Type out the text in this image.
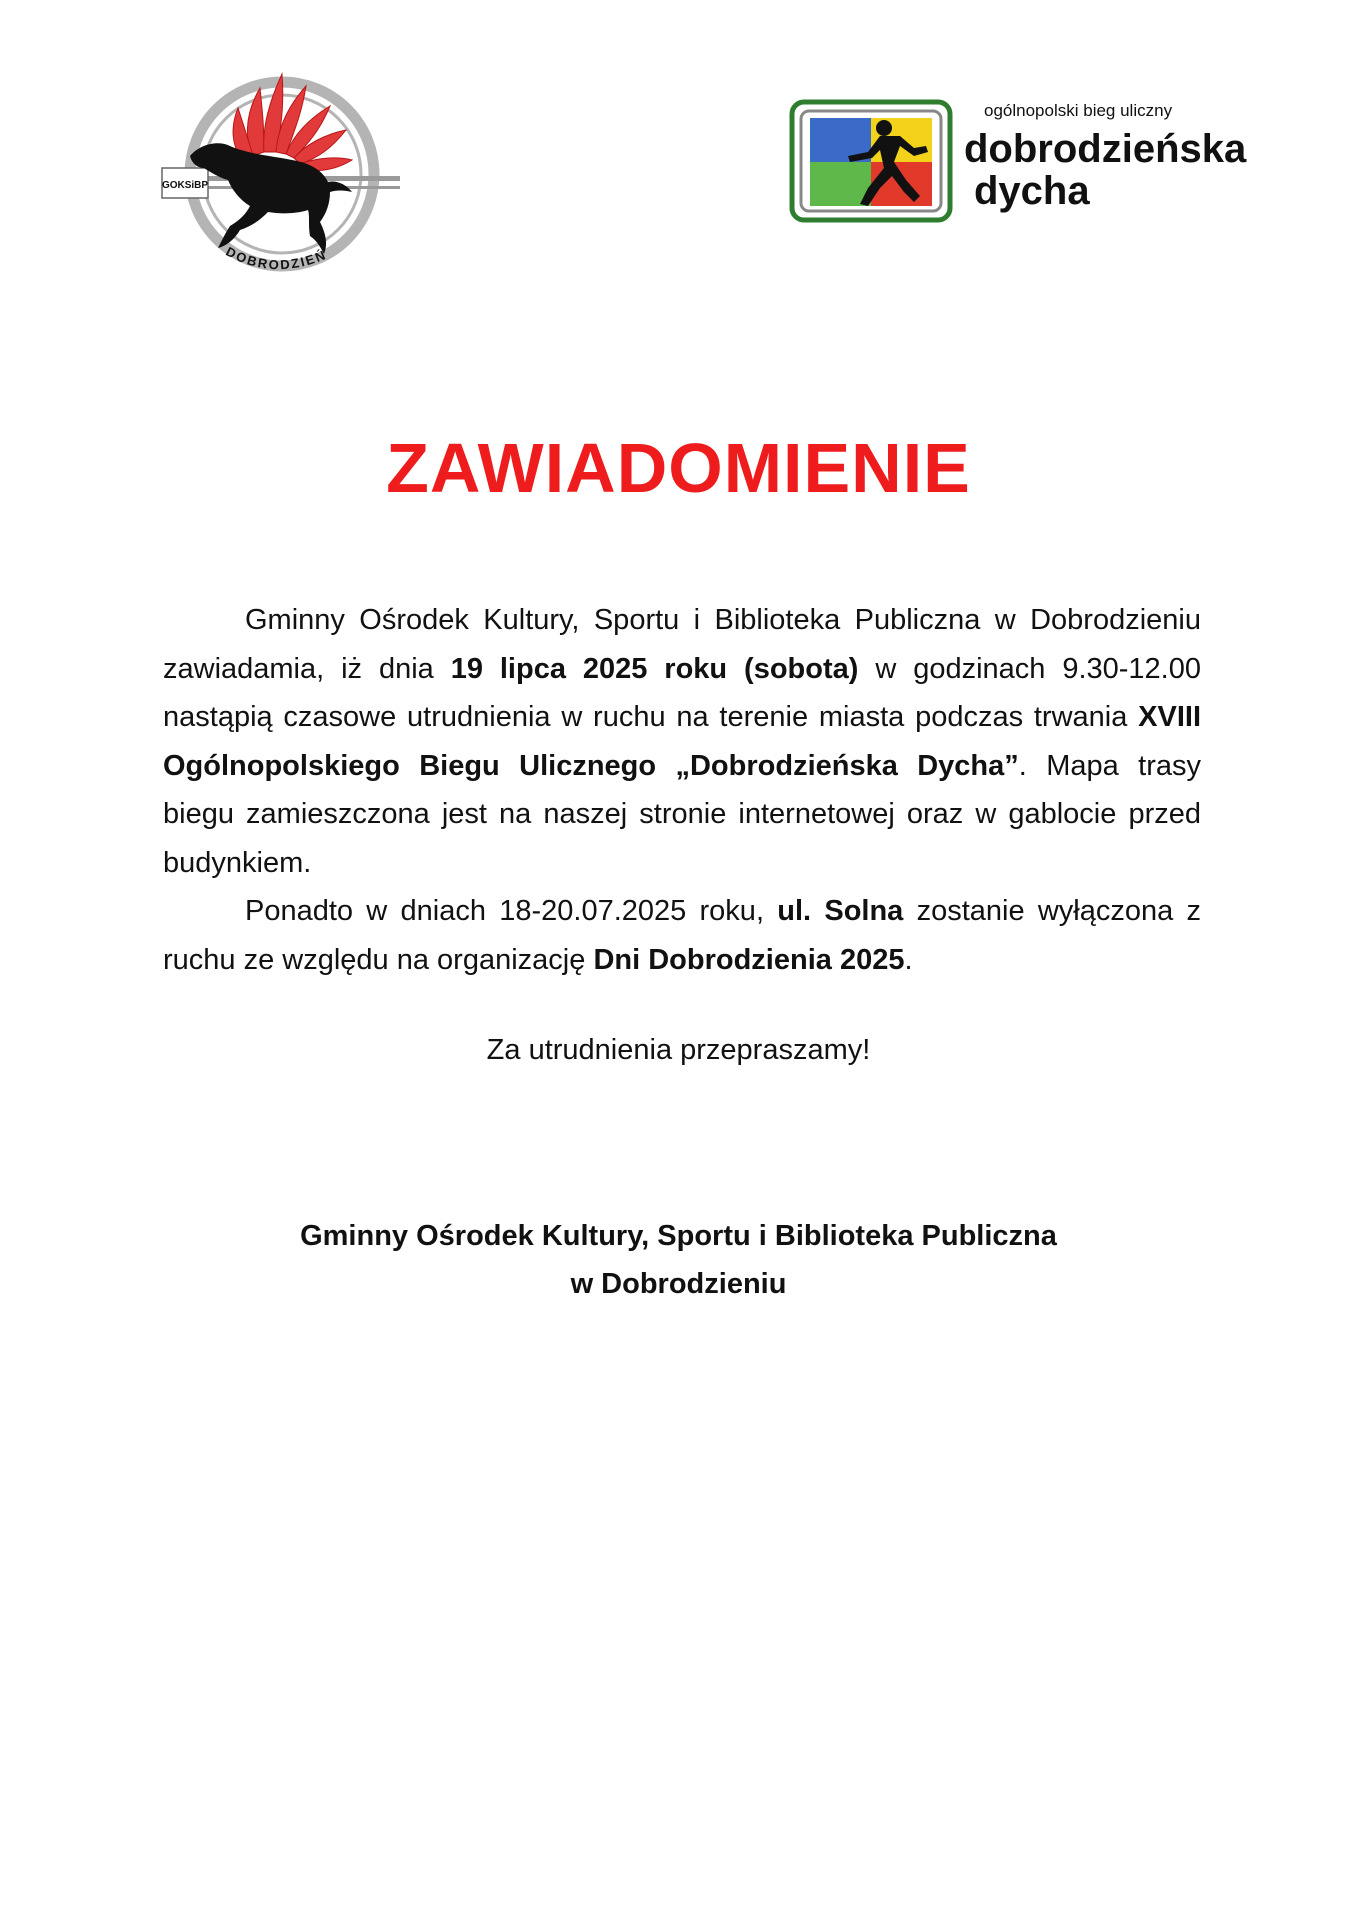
GOKSiBP
DOBRODZIEŃ
ogólnopolski bieg uliczny
dobrodzieńska
dycha
ZAWIADOMIENIE

Gminny Ośrodek Kultury, Sportu i Biblioteka Publiczna w Dobrodzieniu zawiadamia, iż dnia 19 lipca 2025 roku (sobota) w godzinach 9.30-12.00 nastąpią czasowe utrudnienia w ruchu na terenie miasta podczas trwania XVIII Ogólnopolskiego Biegu Ulicznego „Dobrodzieńska Dycha”. Mapa trasy biegu zamieszczona jest na naszej stronie internetowej oraz w gablocie przed budynkiem.

Ponadto w dniach 18-20.07.2025 roku, ul. Solna zostanie wyłączona z ruchu ze względu na organizację Dni Dobrodzienia 2025.

Za utrudnienia przepraszamy!
Gminny Ośrodek Kultury, Sportu i Biblioteka Publiczna
w Dobrodzieniu
